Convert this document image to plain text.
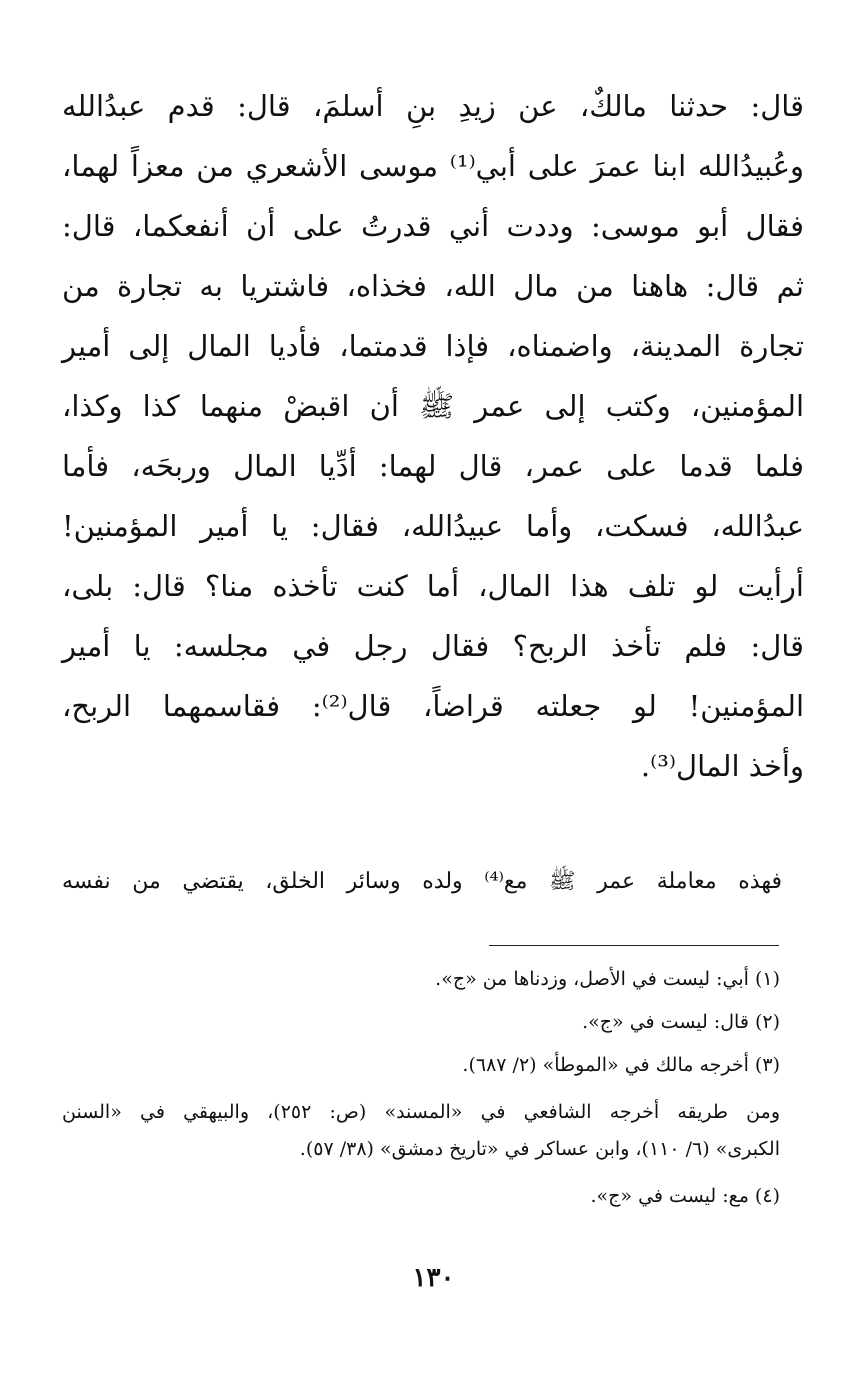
قال: حدثنا مالكٌ، عن زيدِ بنِ أسلمَ، قال: قدم عبدُالله
وعُبيدُالله ابنا عمرَ على أبي⁽¹⁾ موسى الأشعري من معزاً لهما،
فقال أبو موسى: وددت أني قدرتُ على أن أنفعكما، قال:
ثم قال: هاهنا من مال الله، فخذاه، فاشتريا به تجارة من
تجارة المدينة، واضمناه، فإذا قدمتما، فأديا المال إلى أمير
المؤمنين، وكتب إلى عمر ﷺ أن اقبضْ منهما كذا وكذا،
فلما قدما على عمر، قال لهما: أدِّيا المال وربحَه، فأما
عبدُالله، فسكت، وأما عبيدُالله، فقال: يا أمير المؤمنين!
أرأيت لو تلف هذا المال، أما كنت تأخذه منا؟ قال: بلى،
قال: فلم تأخذ الربح؟ فقال رجل في مجلسه: يا أمير
المؤمنين! لو جعلته قراضاً، قال⁽²⁾: فقاسمهما الربح،
وأخذ المال⁽³⁾.
فهذه معاملة عمر ﷺ مع⁽⁴⁾ ولده وسائر الخلق، يقتضي من نفسه
(١) أبي: ليست في الأصل، وزدناها من «ج».
(٢) قال: ليست في «ج».
(٣) أخرجه مالك في «الموطأ» (٢/ ٦٨٧).
ومن طريقه أخرجه الشافعي في «المسند» (ص: ٢٥٢)، والبيهقي في «السنن
الكبرى» (٦/ ١١٠)، وابن عساكر في «تاريخ دمشق» (٣٨/ ٥٧).
(٤) مع: ليست في «ج».
١٣٠
